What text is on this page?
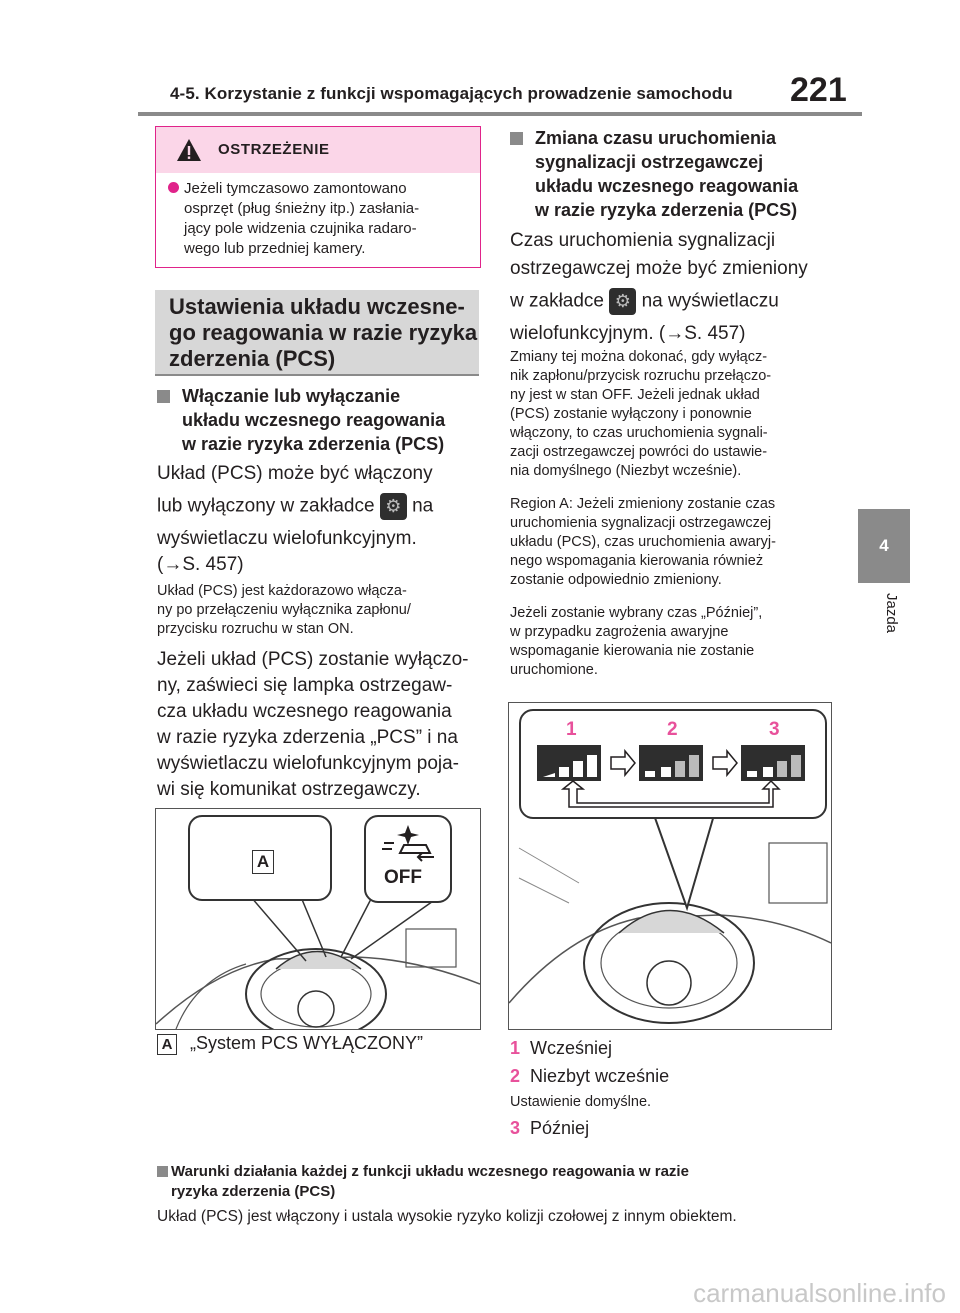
4-5. Korzystanie z funkcji wspomagających prowadzenie samochodu 221
4
Jazda
OSTRZEŻENIE
Jeżeli tymczasowo zamontowano
osprzęt (pług śnieżny itp.) zasłania-
jący pole widzenia czujnika radaro-
wego lub przedniej kamery.
Ustawienia układu wczesne-
go reagowania w razie ryzyka
zderzenia (PCS)
Włączanie lub wyłączanie
układu wczesnego reagowania
w razie ryzyka zderzenia (PCS)
Układ (PCS) może być włączony
lub wyłączony w zakładce ⚙ na
wyświetlaczu wielofunkcyjnym.
(→S. 457)
Układ (PCS) jest każdorazowo włącza-
ny po przełączeniu wyłącznika zapłonu/
przycisku rozruchu w stan ON.
Jeżeli układ (PCS) zostanie wyłączo-
ny, zaświeci się lampka ostrzegaw-
cza układu wczesnego reagowania
w razie ryzyka zderzenia „PCS” i na
wyświetlaczu wielofunkcyjnym poja-
wi się komunikat ostrzegawczy.
A
OFF
A „System PCS WYŁĄCZONY”
Zmiana czasu uruchomienia
sygnalizacji ostrzegawczej
układu wczesnego reagowania
w razie ryzyka zderzenia (PCS)
Czas uruchomienia sygnalizacji
ostrzegawczej może być zmieniony
w zakładce ⚙ na wyświetlaczu
wielofunkcyjnym. (→S. 457)
Zmiany tej można dokonać, gdy wyłącz-
nik zapłonu/przycisk rozruchu przełączo-
ny jest w stan OFF. Jeżeli jednak układ
(PCS) zostanie wyłączony i ponownie
włączony, to czas uruchomienia sygnali-
zacji ostrzegawczej powróci do ustawie-
nia domyślnego (Niezbyt wcześnie).
Region A: Jeżeli zmieniony zostanie czas
uruchomienia sygnalizacji ostrzegawczej
układu (PCS), czas uruchomienia awaryj-
nego wspomagania kierowania również
zostanie odpowiednio zmieniony.
Jeżeli zostanie wybrany czas „Później”,
w przypadku zagrożenia awaryjne
wspomaganie kierowania nie zostanie
uruchomione.
1	2	3
1 Wcześniej
2 Niezbyt wcześnie
Ustawienie domyślne.
3 Później
Warunki działania każdej z funkcji układu wczesnego reagowania w razie
ryzyka zderzenia (PCS)
Układ (PCS) jest włączony i ustala wysokie ryzyko kolizji czołowej z innym obiektem.
carmanualsonline.info
